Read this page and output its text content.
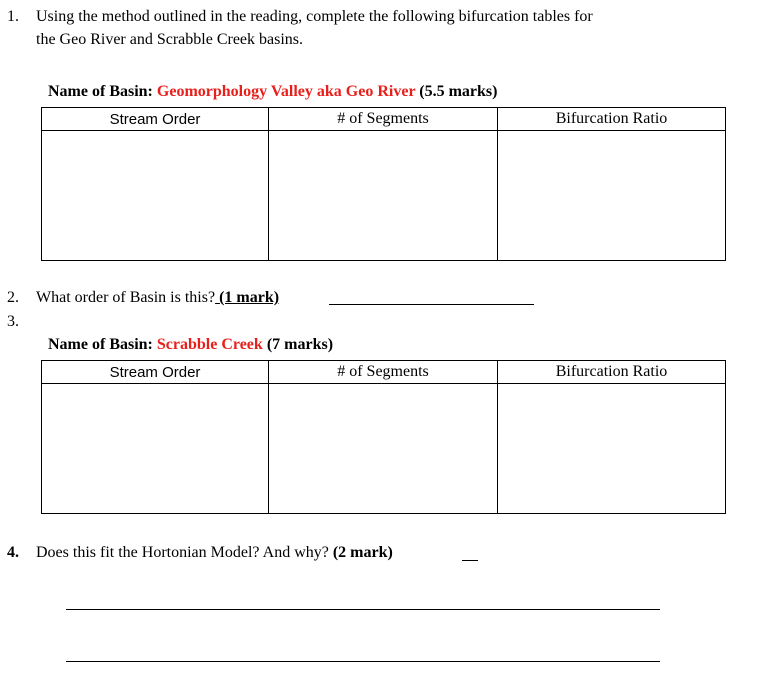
1. Using the method outlined in the reading, complete the following bifurcation tables for
the Geo River and Scrabble Creek basins.
Name of Basin: Geomorphology Valley aka Geo River (5.5 marks)
Stream Order	# of Segments	Bifurcation Ratio

2. What order of Basin is this? (1 mark)
3.
Name of Basin: Scrabble Creek (7 marks)
Stream Order	# of Segments	Bifurcation Ratio

4. Does this fit the Hortonian Model? And why? (2 mark)
